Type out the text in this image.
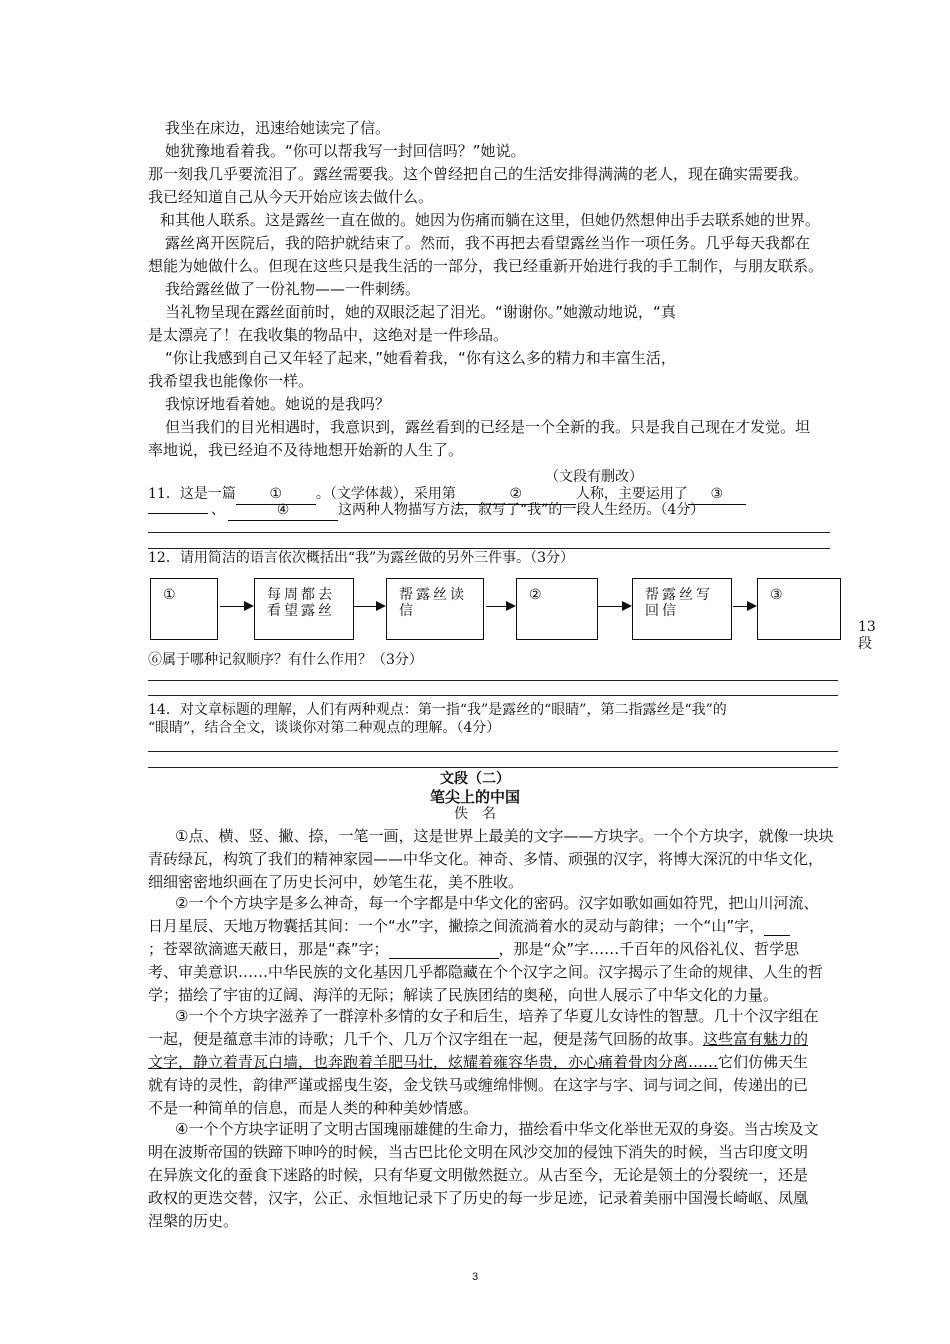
我坐在床边，迅速给她读完了信。
她犹豫地看着我。“你可以帮我写一封回信吗？”她说。
那一刻我几乎要流泪了。露丝需要我。这个曾经把自己的生活安排得满满的老人，现在确实需要我。
我已经知道自己从今天开始应该去做什么。
和其他人联系。这是露丝一直在做的。她因为伤痛而躺在这里，但她仍然想伸出手去联系她的世界。
露丝离开医院后，我的陪护就结束了。然而，我不再把去看望露丝当作一项任务。几乎每天我都在
想能为她做什么。但现在这些只是我生活的一部分，我已经重新开始进行我的手工制作，与朋友联系。
我给露丝做了一份礼物——一件刺绣。
当礼物呈现在露丝面前时，她的双眼泛起了泪光。“谢谢你。”她激动地说，“真
是太漂亮了！在我收集的物品中，这绝对是一件珍品。
“你让我感到自己又年轻了起来，”她看着我，“你有这么多的精力和丰富生活，
我希望我也能像你一样。
我惊讶地看着她。她说的是我吗？
但当我们的目光相遇时，我意识到，露丝看到的已经是一个全新的我。只是我自己现在才发觉。坦
率地说，我已经迫不及待地想开始新的人生了。
（文段有删改）
11．这是一篇 ① 。（文学体裁），采用第	②	人称，主要运用了 ③
、	④	这两种人物描写方法，叙写了“我”的一段人生经历。（4分）
12．请用简洁的语言依次概括出“我”为露丝做的另外三件事。（3分）
①	每周都去看望露丝
帮露丝读信
②	帮露丝写回信
③
13
段
⑥属于哪种记叙顺序？有什么作用？（3分）
14．对文章标题的理解，人们有两种观点：第一指“我”是露丝的“眼睛”，第二指露丝是“我”的
“眼睛”，结合全文，谈谈你对第二种观点的理解。（4分）
文段（二）
笔尖上的中国
佚　名
①点、横、竖、撇、捺，一笔一画，这是世界上最美的文字——方块字。一个个方块字，就像一块块
青砖绿瓦，构筑了我们的精神家园——中华文化。神奇、多情、顽强的汉字，将博大深沉的中华文化，
细细密密地织画在了历史长河中，妙笔生花，美不胜收。
②一个个方块字是多么神奇，每一个字都是中华文化的密码。汉字如歌如画如符咒，把山川河流、
日月星辰、天地万物囊括其间：一个“水”字，撇捺之间流淌着水的灵动与韵律；一个“山”字，
；苍翠欲滴遮天蔽日，那是“森”字；	，那是“众”字……千百年的风俗礼仪、哲学思
考、审美意识……中华民族的文化基因几乎都隐藏在个个汉字之间。汉字揭示了生命的规律、人生的哲
学；描绘了宇宙的辽阔、海洋的无际；解读了民族团结的奥秘，向世人展示了中华文化的力量。
③一个个方块字滋养了一群淳朴多情的女子和后生，培养了华夏儿女诗性的智慧。几十个汉字组在
一起，便是蕴意丰沛的诗歌；几千个、几万个汉字组在一起，便是荡气回肠的故事。这些富有魅力的
文字，静立着青瓦白墙，也奔跑着羊肥马壮，炫耀着雍容华贵，亦心痛着骨肉分离……它们仿佛天生
就有诗的灵性，韵律严谨或摇曳生姿，金戈铁马或缠绵悱恻。在这字与字、词与词之间，传递出的已
不是一种简单的信息，而是人类的种种美妙情感。
④一个个方块字证明了文明古国瑰丽雄健的生命力，描绘看中华文化举世无双的身姿。当古埃及文
明在波斯帝国的铁蹄下呻吟的时候，当古巴比伦文明在风沙交加的侵蚀下消失的时候，当古印度文明
在异族文化的蚕食下迷路的时候，只有华夏文明傲然挺立。从古至今，无论是领土的分裂统一，还是
政权的更迭交替，汉字，公正、永恒地记录下了历史的每一步足迹，记录着美丽中国漫长崎岖、凤凰
涅槃的历史。
3
